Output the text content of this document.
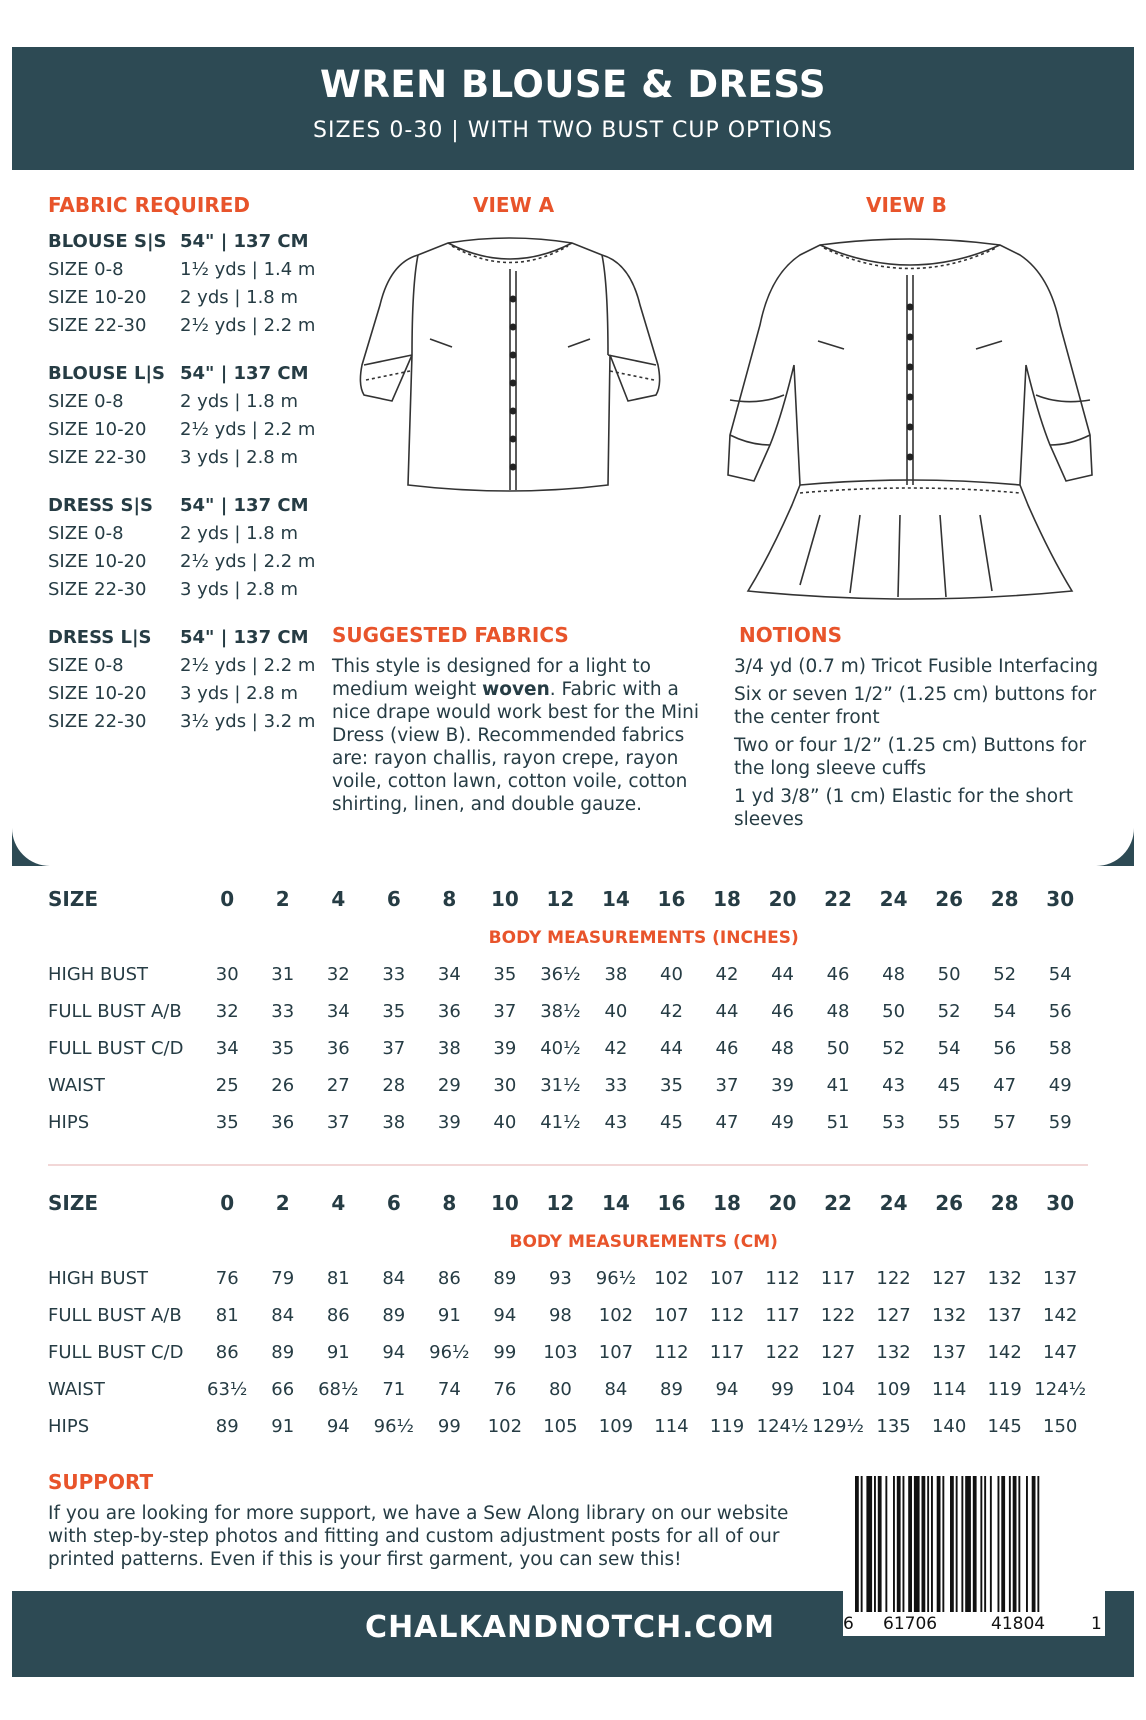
WREN BLOUSE & DRESS
SIZES 0-30 | WITH TWO BUST CUP OPTIONS
FABRIC REQUIRED
BLOUSE S|S 54" | 137 CM
SIZE 0-8	1½ yds | 1.4 m
SIZE 10-20	2 yds | 1.8 m
SIZE 22-30	2½ yds | 2.2 m
BLOUSE L|S 54" | 137 CM
SIZE 0-8	2 yds | 1.8 m
SIZE 10-20	2½ yds | 2.2 m
SIZE 22-30	3 yds | 2.8 m
DRESS S|S	54" | 137 CM
SIZE 0-8	2 yds | 1.8 m
SIZE 10-20	2½ yds | 2.2 m
SIZE 22-30	3 yds | 2.8 m
DRESS L|S	54" | 137 CM
SIZE 0-8	2½ yds | 2.2 m
SIZE 10-20	3 yds | 2.8 m
SIZE 22-30	3½ yds | 3.2 m
VIEW A	VIEW B
SUGGESTED FABRICS
This style is designed for a light to medium weight woven. Fabric with a nice drape would work best for the Mini Dress (view B). Recommended fabrics are: rayon challis, rayon crepe, rayon voile, cotton lawn, cotton voile, cotton shirting, linen, and double gauze.
NOTIONS
3/4 yd (0.7 m) Tricot Fusible Interfacing
Six or seven 1/2” (1.25 cm) buttons for the center front
Two or four 1/2” (1.25 cm) Buttons for the long sleeve cuffs
1 yd 3/8” (1 cm) Elastic for the short sleeves
SIZE	0	2	4	6	8	10	12	14	16	18	20	22	24	26	28	30
	BODY MEASUREMENTS (INCHES)															
HIGH BUST	30	31	32	33	34	35	36½	38	40	42	44	46	48	50	52	54
FULL BUST A/B	32	33	34	35	36	37	38½	40	42	44	46	48	50	52	54	56
FULL BUST C/D	34	35	36	37	38	39	40½	42	44	46	48	50	52	54	56	58
WAIST	25	26	27	28	29	30	31½	33	35	37	39	41	43	45	47	49
HIPS	35	36	37	38	39	40	41½	43	45	47	49	51	53	55	57	59
SIZE	0	2	4	6	8	10	12	14	16	18	20	22	24	26	28	30
	BODY MEASUREMENTS (CM)															
HIGH BUST	76	79	81	84	86	89	93	96½	102	107	112	117	122	127	132	137
FULL BUST A/B	81	84	86	89	91	94	98	102	107	112	117	122	127	132	137	142
FULL BUST C/D	86	89	91	94	96½	99	103	107	112	117	122	127	132	137	142	147
WAIST	63½	66	68½	71	74	76	80	84	89	94	99	104	109	114	119	124½
HIPS	89	91	94	96½	99	102	105	109	114	119	124½	129½	135	140	145	150
SUPPORT
If you are looking for more support, we have a Sew Along library on our website with step-by-step photos and fitting and custom adjustment posts for all of our printed patterns. Even if this is your first garment, you can sew this!
CHALKANDNOTCH.COM	6 61706	41804	1
